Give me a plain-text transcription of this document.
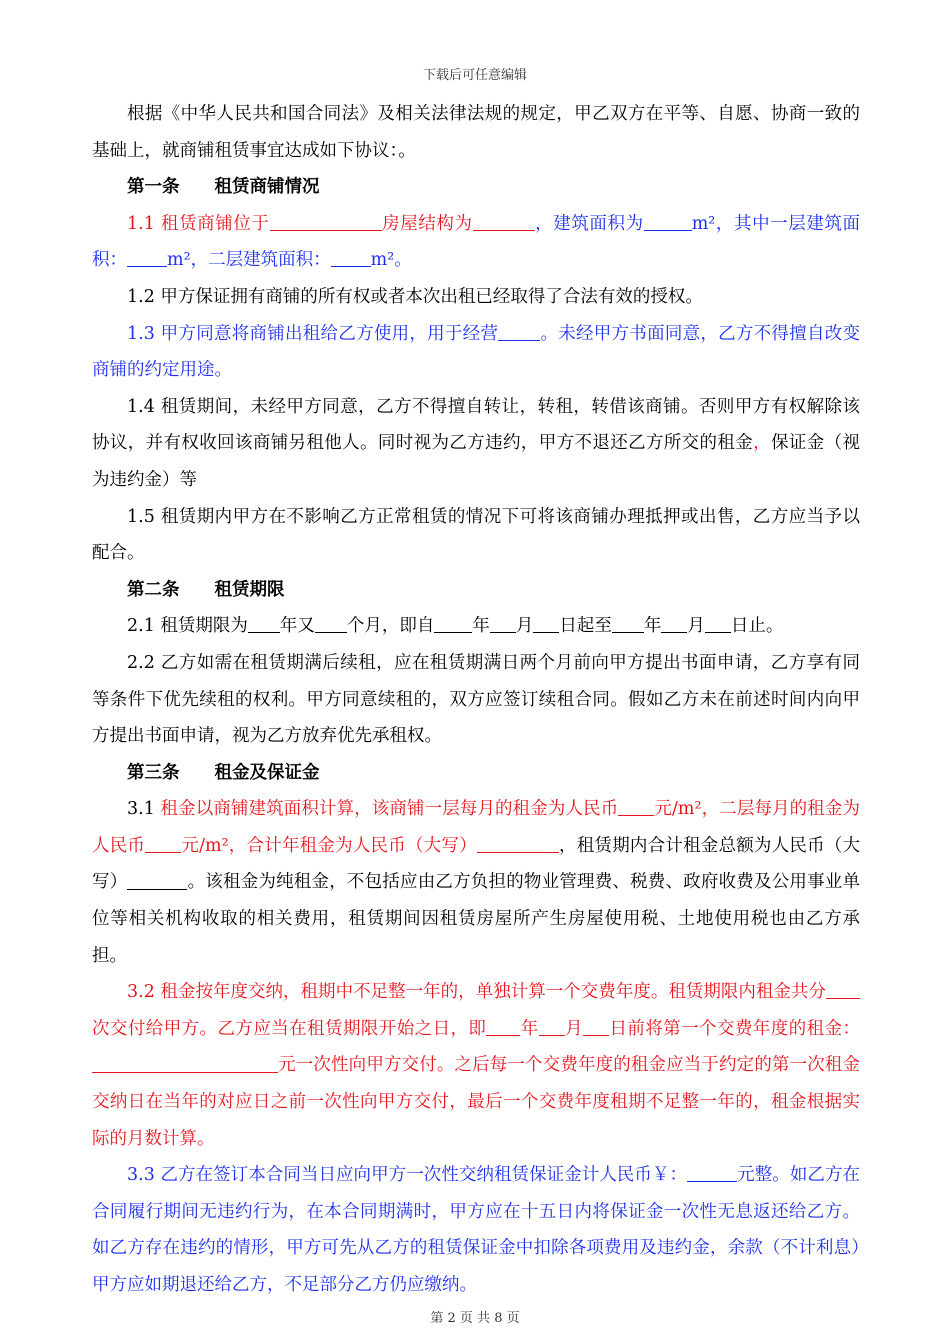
下载后可任意编辑

根据《中华人民共和国合同法》及相关法律法规的规定，甲乙双方在平等、自愿、协商一致的基础上，就商铺租赁事宜达成如下协议：。

第一条　　租赁商铺情况

1.1 租赁商铺位于	房屋结构为	，建筑面积为	m²，其中一层建筑面积： m²，二层建筑面积： m²。

1.2 甲方保证拥有商铺的所有权或者本次出租已经取得了合法有效的授权。

1.3 甲方同意将商铺出租给乙方使用，用于经营 。未经甲方书面同意，乙方不得擅自改变商铺的约定用途。

1.4 租赁期间，未经甲方同意，乙方不得擅自转让，转租，转借该商铺。否则甲方有权解除该协议，并有权收回该商铺另租他人。同时视为乙方违约，甲方不退还乙方所交的租金，保证金（视为违约金）等

1.5 租赁期内甲方在不影响乙方正常租赁的情况下可将该商铺办理抵押或出售，乙方应当予以配合。

第二条　　租赁期限

2.1 租赁期限为 年又 个月，即自 年 月 日起至 年 月 日止。

2.2 乙方如需在租赁期满后续租，应在租赁期满日两个月前向甲方提出书面申请，乙方享有同等条件下优先续租的权利。甲方同意续租的，双方应签订续租合同。假如乙方未在前述时间内向甲方提出书面申请，视为乙方放弃优先承租权。

第三条　　租金及保证金

3.1 租金以商铺建筑面积计算，该商铺一层每月的租金为人民币 元/m²，二层每月的租金为人民币 元/m²，合计年租金为人民币（大写）	，租赁期内合计租金总额为人民币（大写）	。该租金为纯租金，不包括应由乙方负担的物业管理费、税费、政府收费及公用事业单位等相关机构收取的相关费用，租赁期间因租赁房屋所产生房屋使用税、土地使用税也由乙方承担。

3.2 租金按年度交纳，租期中不足整一年的，单独计算一个交费年度。租赁期限内租金共分次交付给甲方。乙方应当在租赁期限开始之日，即 年 月 日前将第一个交费年度的租金：元一次性向甲方交付。之后每一个交费年度的租金应当于约定的第一次租金交纳日在当年的对应日之前一次性向甲方交付，最后一个交费年度租期不足整一年的，租金根据实际的月数计算。

3.3 乙方在签订本合同当日应向甲方一次性交纳租赁保证金计人民币￥：	元整。如乙方在合同履行期间无违约行为，在本合同期满时，甲方应在十五日内将保证金一次性无息返还给乙方。如乙方存在违约的情形，甲方可先从乙方的租赁保证金中扣除各项费用及违约金，余款（不计利息）甲方应如期退还给乙方，不足部分乙方仍应缴纳。

第 2 页 共 8 页
